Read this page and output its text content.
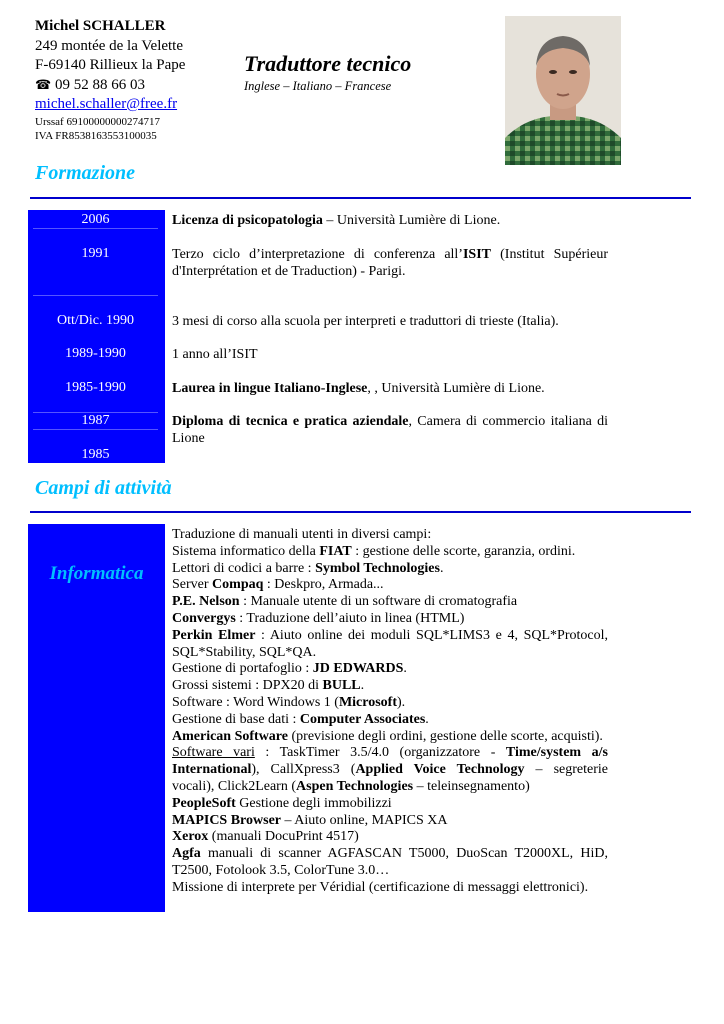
Michel SCHALLER
249 montée de la Velette
F-69140 Rillieux la Pape
☎ 09 52 88 66 03
michel.schaller@free.fr
Urssaf 69100000000274717
IVA FR8538163553100035
Traduttore tecnico
Inglese – Italiano – Francese
Formazione
2006	Licenza di psicopatologia – Università Lumière di Lione.
1991	Terzo ciclo d’interpretazione di conferenza all’ISIT (Institut Supérieur d'Interprétation et de Traduction) - Parigi.
Ott/Dic. 1990	3 mesi di corso alla scuola per interpreti e traduttori di trieste (Italia).
1989-1990	1 anno all’ISIT
1985-1990	Laurea in lingue Italiano-Inglese, , Università Lumière di Lione.
1987	Diploma di tecnica e pratica aziendale, Camera di commercio italiana di Lione
1985
Campi di attività
Informatica
Traduzione di manuali utenti in diversi campi:
Sistema informatico della FIAT : gestione delle scorte, garanzia, ordini.
Lettori di codici a barre : Symbol Technologies.
Server Compaq : Deskpro, Armada...
P.E. Nelson : Manuale utente di un software di cromatografia
Convergys : Traduzione dell’aiuto in linea (HTML)
Perkin Elmer : Aiuto online dei moduli SQL*LIMS3 e 4, SQL*Protocol, SQL*Stability, SQL*QA.
Gestione di portafoglio : JD EDWARDS.
Grossi sistemi : DPX20 di BULL.
Software : Word Windows 1 (Microsoft).
Gestione di base dati : Computer Associates.
American Software (previsione degli ordini, gestione delle scorte, acquisti).
Software vari : TaskTimer 3.5/4.0 (organizzatore - Time/system a/s International), CallXpress3 (Applied Voice Technology – segreterie vocali), Click2Learn (Aspen Technologies – teleinsegnamento)
PeopleSoft Gestione degli immobilizzi
MAPICS Browser – Aiuto online, MAPICS XA
Xerox (manuali DocuPrint 4517)
Agfa manuali di scanner AGFASCAN T5000, DuoScan T2000XL, HiD, T2500, Fotolook 3.5, ColorTune 3.0…
Missione di interprete per Véridial (certificazione di messaggi elettronici).
